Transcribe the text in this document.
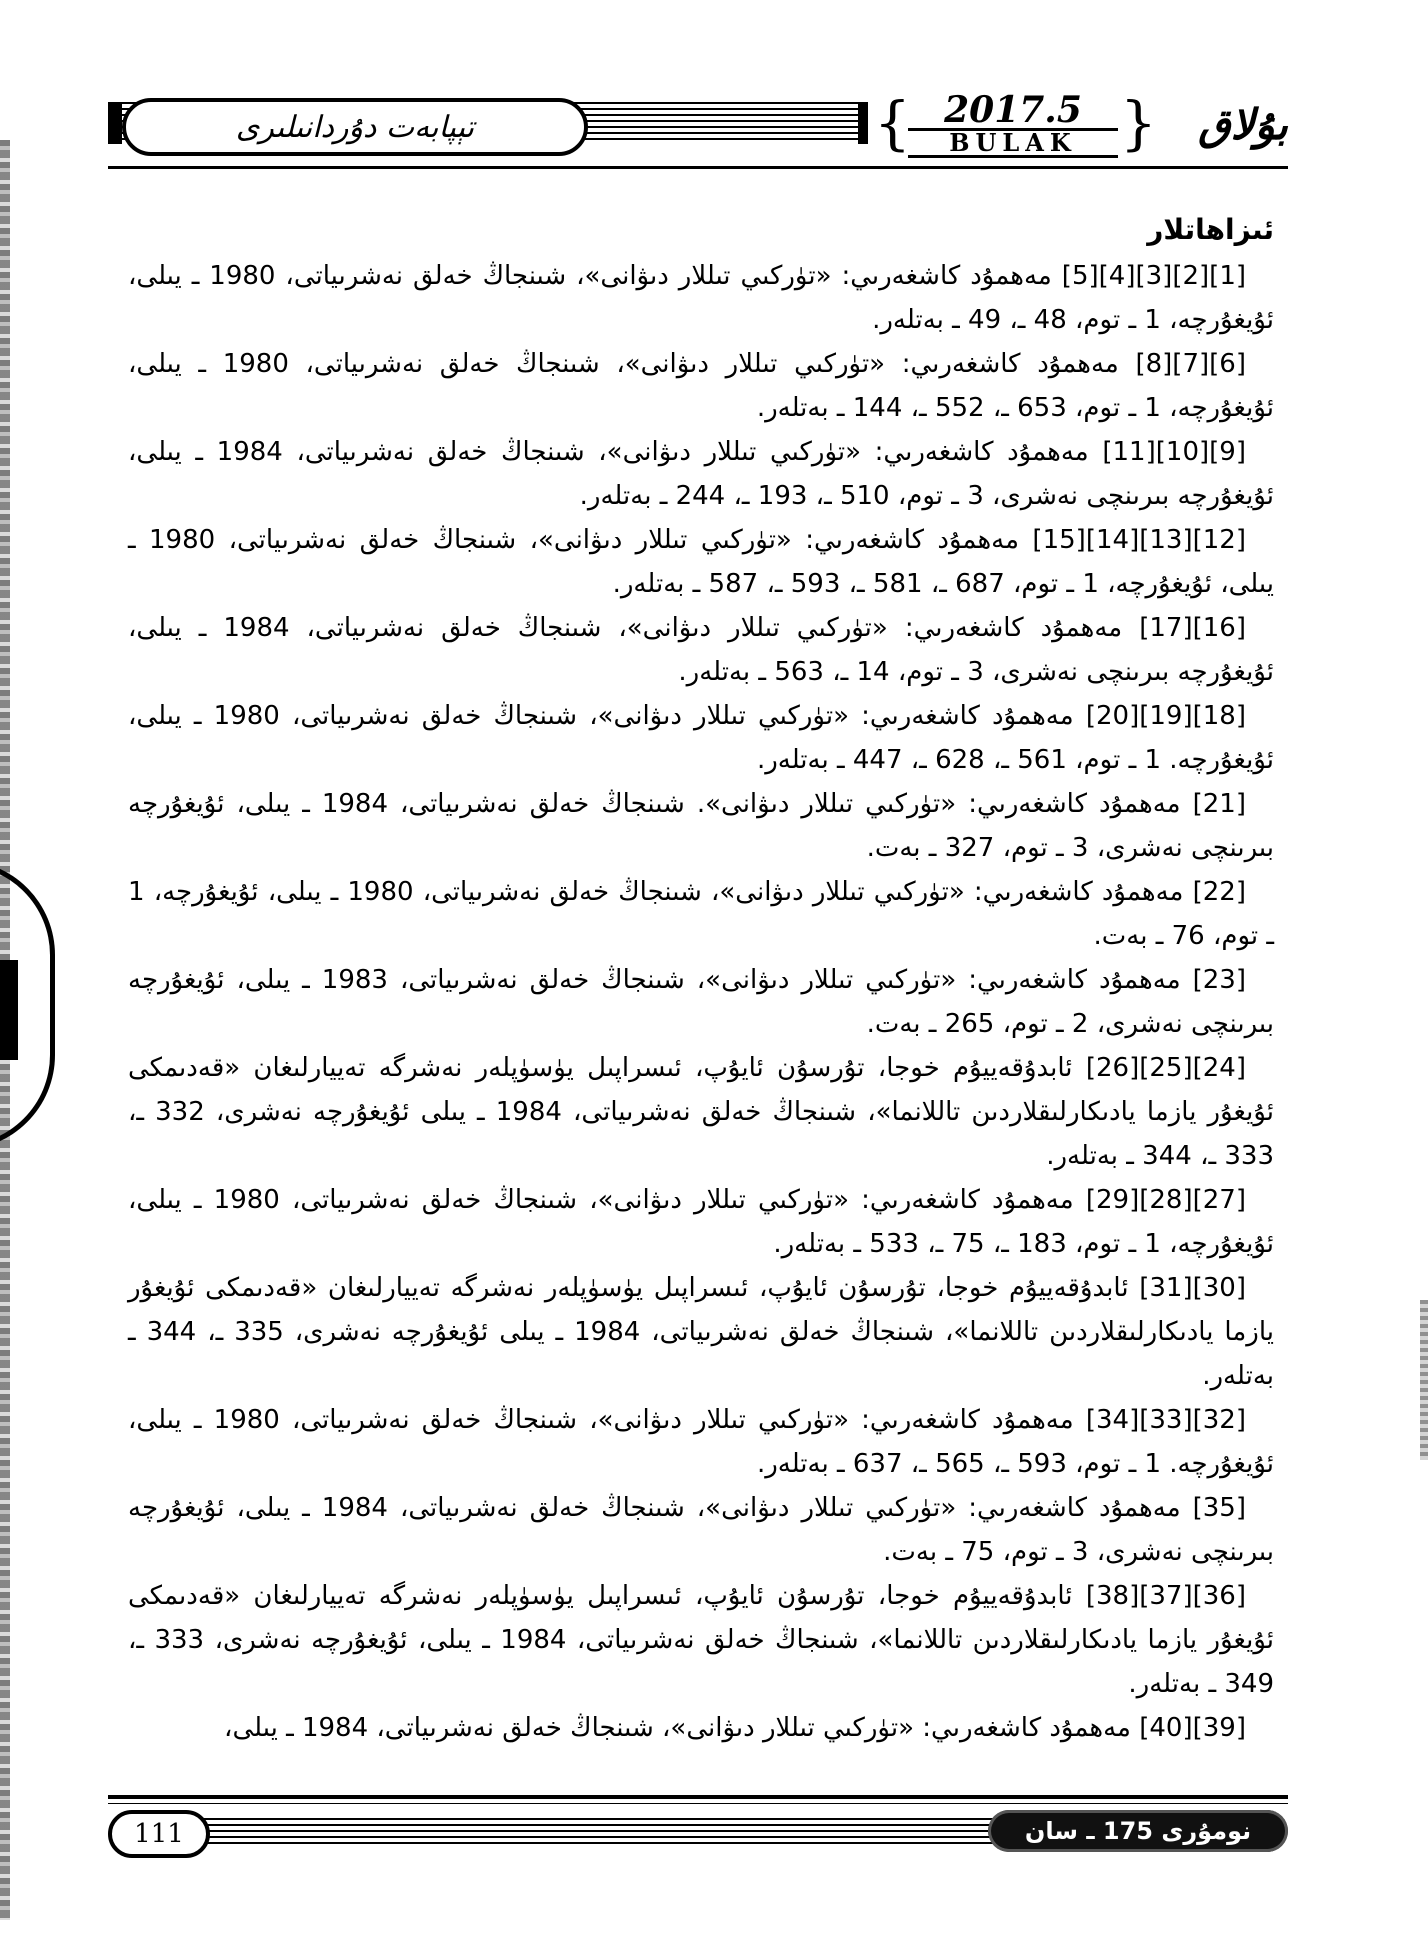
تېپابەت دۇردانىلىرى	{ 2017.5
BULAK } بۇلاق
ئىزاھاتلار

[1][2][3][4][5] مەھمۇد كاشغەرىي: «تۈركىي تىللار دىۋانى»، شىنجاڭ خەلق نەشرىياتى، 1980 ـ يىلى، ئۇيغۇرچە، 1 ـ توم، 48 ـ، 49 ـ بەتلەر.

[6][7][8] مەھمۇد كاشغەرىي: «تۈركىي تىللار دىۋانى»، شىنجاڭ خەلق نەشرىياتى، 1980 ـ يىلى، ئۇيغۇرچە، 1 ـ توم، 653 ـ، 552 ـ، 144 ـ بەتلەر.

[9][10][11] مەھمۇد كاشغەرىي: «تۈركىي تىللار دىۋانى»، شىنجاڭ خەلق نەشرىياتى، 1984 ـ يىلى، ئۇيغۇرچە بىرىنچى نەشرى، 3 ـ توم، 510 ـ، 193 ـ، 244 ـ بەتلەر.

[12][13][14][15] مەھمۇد كاشغەرىي: «تۈركىي تىللار دىۋانى»، شىنجاڭ خەلق نەشرىياتى، 1980 ـ يىلى، ئۇيغۇرچە، 1 ـ توم، 687 ـ، 581 ـ، 593 ـ، 587 ـ بەتلەر.

[16][17] مەھمۇد كاشغەرىي: «تۈركىي تىللار دىۋانى»، شىنجاڭ خەلق نەشرىياتى، 1984 ـ يىلى، ئۇيغۇرچە بىرىنچى نەشرى، 3 ـ توم، 14 ـ، 563 ـ بەتلەر.

[18][19][20] مەھمۇد كاشغەرىي: «تۈركىي تىللار دىۋانى»، شىنجاڭ خەلق نەشرىياتى، 1980 ـ يىلى، ئۇيغۇرچە. 1 ـ توم، 561 ـ، 628 ـ، 447 ـ بەتلەر.

[21] مەھمۇد كاشغەرىي: «تۈركىي تىللار دىۋانى». شىنجاڭ خەلق نەشرىياتى، 1984 ـ يىلى، ئۇيغۇرچە بىرىنچى نەشرى، 3 ـ توم، 327 ـ بەت.

[22] مەھمۇد كاشغەرىي: «تۈركىي تىللار دىۋانى»، شىنجاڭ خەلق نەشرىياتى، 1980 ـ يىلى، ئۇيغۇرچە، 1 ـ توم، 76 ـ بەت.

[23] مەھمۇد كاشغەرىي: «تۈركىي تىللار دىۋانى»، شىنجاڭ خەلق نەشرىياتى، 1983 ـ يىلى، ئۇيغۇرچە بىرىنچى نەشرى، 2 ـ توم، 265 ـ بەت.

[24][25][26] ئابدۇقەييۇم خوجا، تۇرسۇن ئايۇپ، ئىسراپىل يۈسۈپلەر نەشرگە تەييارلىغان «قەدىمكى ئۇيغۇر يازما يادىكارلىقلاردىن تاللانما»، شىنجاڭ خەلق نەشرىياتى، 1984 ـ يىلى ئۇيغۇرچە نەشرى، 332 ـ، 333 ـ، 344 ـ بەتلەر.

[27][28][29] مەھمۇد كاشغەرىي: «تۈركىي تىللار دىۋانى»، شىنجاڭ خەلق نەشرىياتى، 1980 ـ يىلى، ئۇيغۇرچە، 1 ـ توم، 183 ـ، 75 ـ، 533 ـ بەتلەر.

[30][31] ئابدۇقەييۇم خوجا، تۇرسۇن ئايۇپ، ئىسراپىل يۈسۈپلەر نەشرگە تەييارلىغان «قەدىمكى ئۇيغۇر يازما يادىكارلىقلاردىن تاللانما»، شىنجاڭ خەلق نەشرىياتى، 1984 ـ يىلى ئۇيغۇرچە نەشرى، 335 ـ، 344 ـ بەتلەر.

[32][33][34] مەھمۇد كاشغەرىي: «تۈركىي تىللار دىۋانى»، شىنجاڭ خەلق نەشرىياتى، 1980 ـ يىلى، ئۇيغۇرچە. 1 ـ توم، 593 ـ، 565 ـ، 637 ـ بەتلەر.

[35] مەھمۇد كاشغەرىي: «تۈركىي تىللار دىۋانى»، شىنجاڭ خەلق نەشرىياتى، 1984 ـ يىلى، ئۇيغۇرچە بىرىنچى نەشرى، 3 ـ توم، 75 ـ بەت.

[36][37][38] ئابدۇقەييۇم خوجا، تۇرسۇن ئايۇپ، ئىسراپىل يۈسۈپلەر نەشرگە تەييارلىغان «قەدىمكى ئۇيغۇر يازما يادىكارلىقلاردىن تاللانما»، شىنجاڭ خەلق نەشرىياتى، 1984 ـ يىلى، ئۇيغۇرچە نەشرى، 333 ـ، 349 ـ بەتلەر.

[39][40] مەھمۇد كاشغەرىي: «تۈركىي تىللار دىۋانى»، شىنجاڭ خەلق نەشرىياتى، 1984 ـ يىلى،

111	نومۇرى 175 ـ سان
